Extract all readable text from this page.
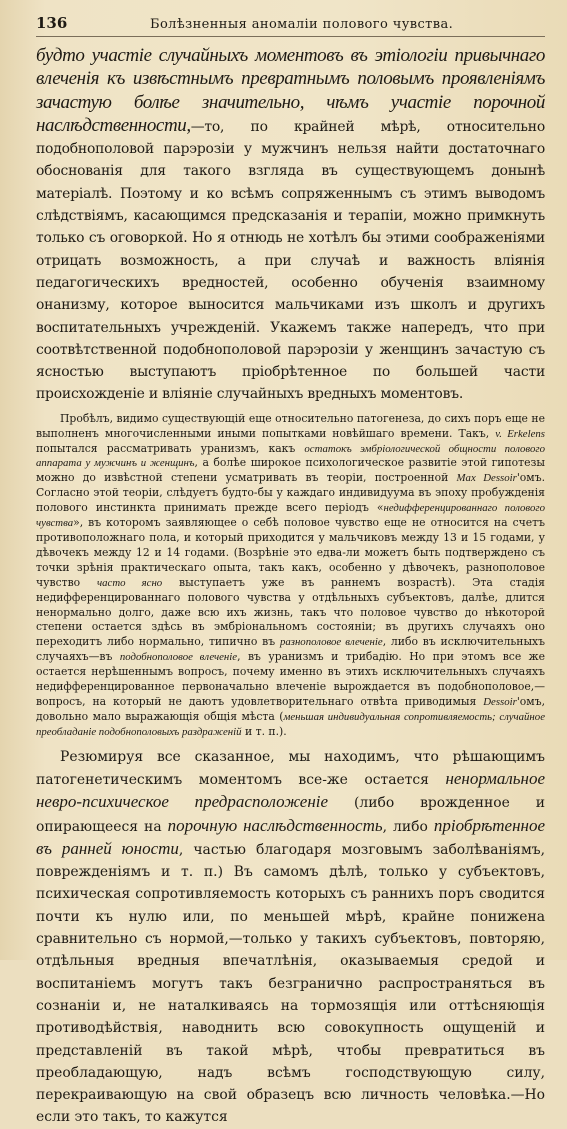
136	Болѣзненныя аномаліи полового чувства.

будто участіе случайныхъ моментовъ въ этіологіи привычнаго влеченія къ извѣстнымъ превратнымъ половымъ проявленіямъ зачастую болѣе значительно, чѣмъ участіе порочной наслѣдственности,—то, по крайней мѣрѣ, относительно подобнополовой парэрозіи у мужчинъ нельзя найти достаточнаго обоснованія для такого взгляда въ существующемъ донынѣ матеріалѣ. Поэтому и ко всѣмъ сопряженнымъ съ этимъ выводомъ слѣдствіямъ, касающимся предсказанія и терапіи, можно примкнуть только съ оговоркой. Но я отнюдь не хотѣлъ бы этими соображеніями отрицать возможность, а при случаѣ и важность вліянія педагогическихъ вредностей, особенно обученія взаимному онанизму, которое выносится мальчиками изъ школъ и другихъ воспитательныхъ учрежденій. Укажемъ также напередъ, что при соотвѣтственной подобнополовой парэрозіи у женщинъ зачастую съ ясностью выступаютъ пріобрѣтенное по большей части происхожденіе и вліяніе случайныхъ вредныхъ моментовъ.

Пробѣлъ, видимо существующій еще относительно патогенеза, до сихъ поръ еще не выполненъ многочисленными иными попытками новѣйшаго времени. Такъ, v. Erkelens попытался рассматривать уранизмъ, какъ остатокъ эмбріологической общности полового аппарата у мужчинъ и женщинъ, а болѣе широкое психологическое развитіе этой гипотезы можно до извѣстной степени усматривать въ теоріи, построенной Max Dessoir'омъ. Согласно этой теоріи, слѣдуетъ будто-бы у каждаго индивидуума въ эпоху пробужденія полового инстинкта принимать прежде всего періодъ «недифференцированнаго полового чувства», въ которомъ заявляющее о себѣ половое чувство еще не относится на счетъ противоположнаго пола, и который приходится у мальчиковъ между 13 и 15 годами, у дѣвочекъ между 12 и 14 годами. (Возрѣніе это едва-ли можетъ быть подтверждено съ точки зрѣнія практическаго опыта, такъ какъ, особенно у дѣвочекъ, разнополовое чувство часто ясно выступаетъ уже въ раннемъ возрастѣ). Эта стадія недифференцированнаго полового чувства у отдѣльныхъ субъектовъ, далѣе, длится ненормально долго, даже всю ихъ жизнь, такъ что половое чувство до нѣкоторой степени остается здѣсь въ эмбріональномъ состояніи; въ другихъ случаяхъ оно переходитъ либо нормально, типично въ разнополовое влеченіе, либо въ исключительныхъ случаяхъ—въ подобнополовое влеченіе, въ уранизмъ и трибадію. Но при этомъ все же остается нерѣшеннымъ вопросъ, почему именно въ этихъ исключительныхъ случаяхъ недифференцированное первоначально влеченіе вырождается въ подобнополовое,—вопросъ, на который не даютъ удовлетворительнаго отвѣта приводимыя Dessoir'омъ, довольно мало выражающія общія мѣста (меньшая индивидуальная сопротивляемость; случайное преобладаніе подобнополовыхъ раздраженій и т. п.).

Резюмируя все сказанное, мы находимъ, что рѣшающимъ патогенетическимъ моментомъ все-же остается ненормальное невро-психическое предрасположеніе (либо врожденное и опирающееся на порочную наслѣдственность, либо пріобрѣтенное въ ранней юности, частью благодаря мозговымъ заболѣваніямъ, поврежденіямъ и т. п.) Въ самомъ дѣлѣ, только у субъектовъ, психическая сопротивляемость которыхъ съ раннихъ поръ сводится почти къ нулю или, по меньшей мѣрѣ, крайне понижена сравнительно съ нормой,—только у такихъ субъектовъ, повторяю, отдѣльныя вредныя впечатлѣнія, оказываемыя средой и воспитаніемъ могутъ такъ безгранично распространяться въ сознаніи и, не наталкиваясь на тормозящія или оттѣсняющія противодѣйствія, наводнить всю совокупность ощущеній и представленій въ такой мѣрѣ, чтобы превратиться въ преобладающую, надъ всѣмъ господствующую силу, перекраивающую на свой образецъ всю личность человѣка.—Но если это такъ, то кажутся
